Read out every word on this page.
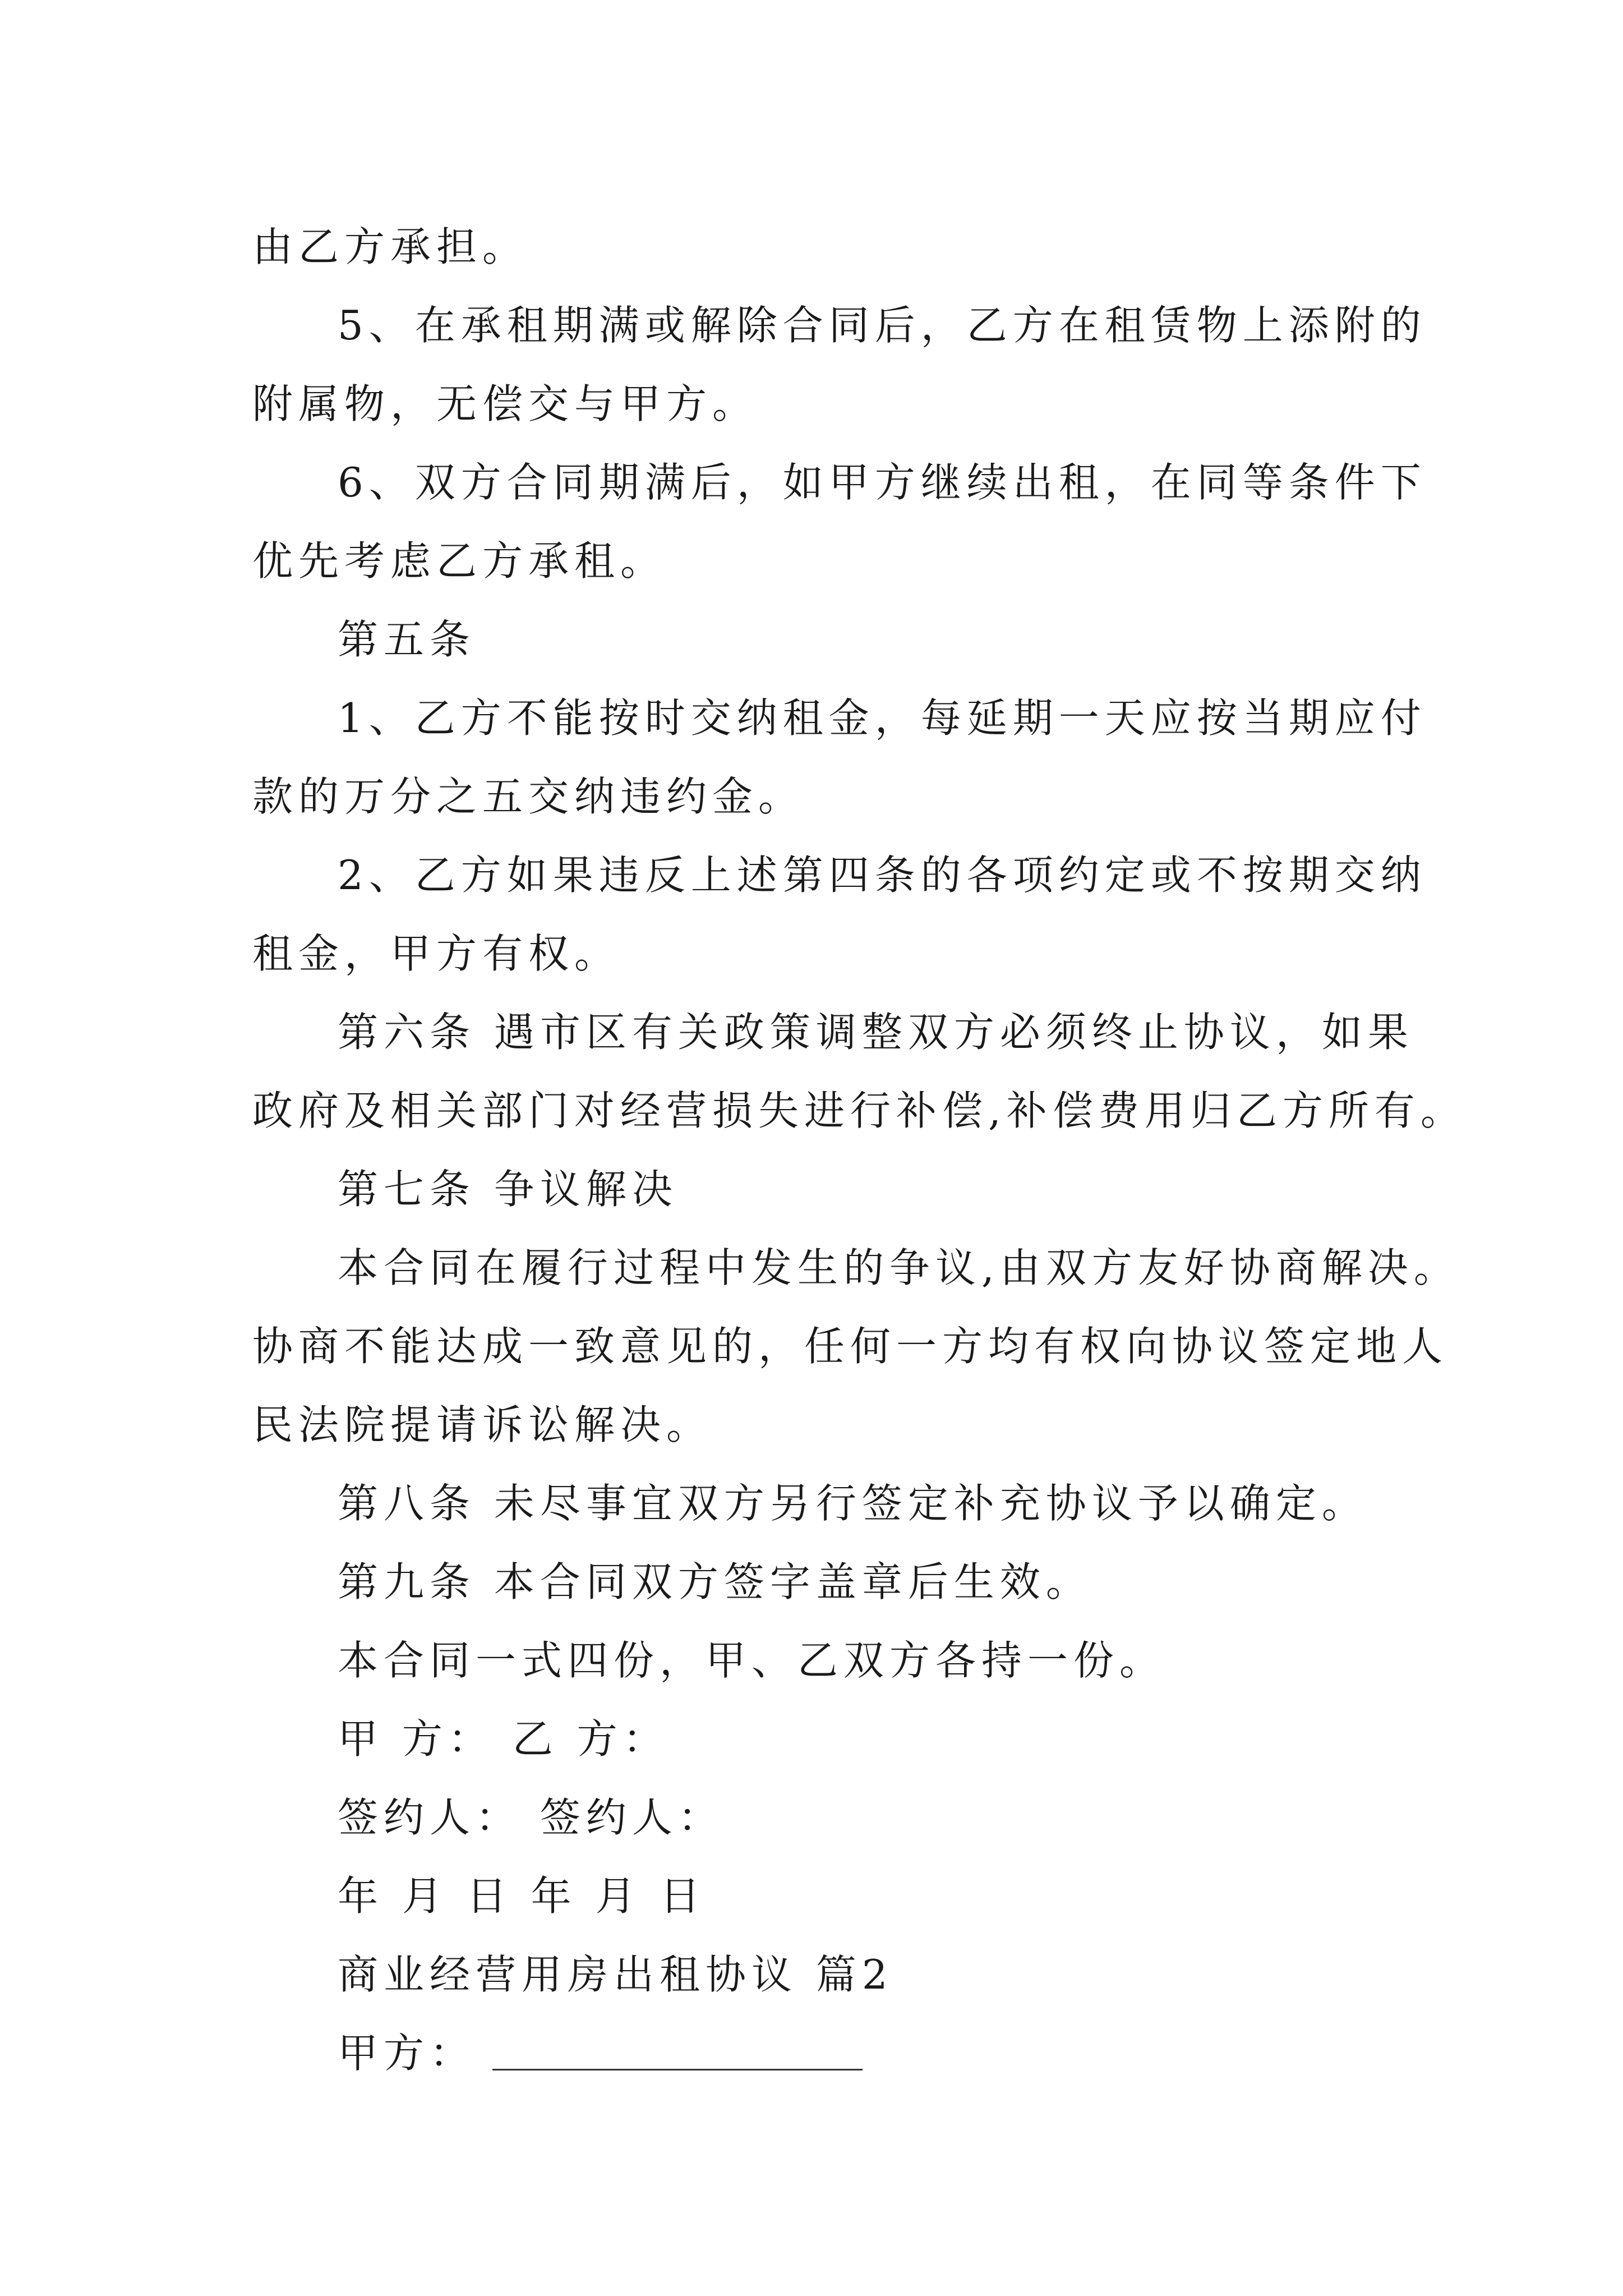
由乙方承担。
5、在承租期满或解除合同后，乙方在租赁物上添附的
附属物，无偿交与甲方。
6、双方合同期满后，如甲方继续出租，在同等条件下
优先考虑乙方承租。
第五条
1、乙方不能按时交纳租金，每延期一天应按当期应付
款的万分之五交纳违约金。
2、乙方如果违反上述第四条的各项约定或不按期交纳
租金，甲方有权。
第六条 遇市区有关政策调整双方必须终止协议，如果
政府及相关部门对经营损失进行补偿,补偿费用归乙方所有。
第七条 争议解决
本合同在履行过程中发生的争议,由双方友好协商解决。
协商不能达成一致意见的，任何一方均有权向协议签定地人
民法院提请诉讼解决。
第八条 未尽事宜双方另行签定补充协议予以确定。
第九条 本合同双方签字盖章后生效。
本合同一式四份，甲、乙双方各持一份。
甲 方： 乙 方：
签约人： 签约人：
年 月 日 年 月 日
商业经营用房出租协议 篇2
甲方：
